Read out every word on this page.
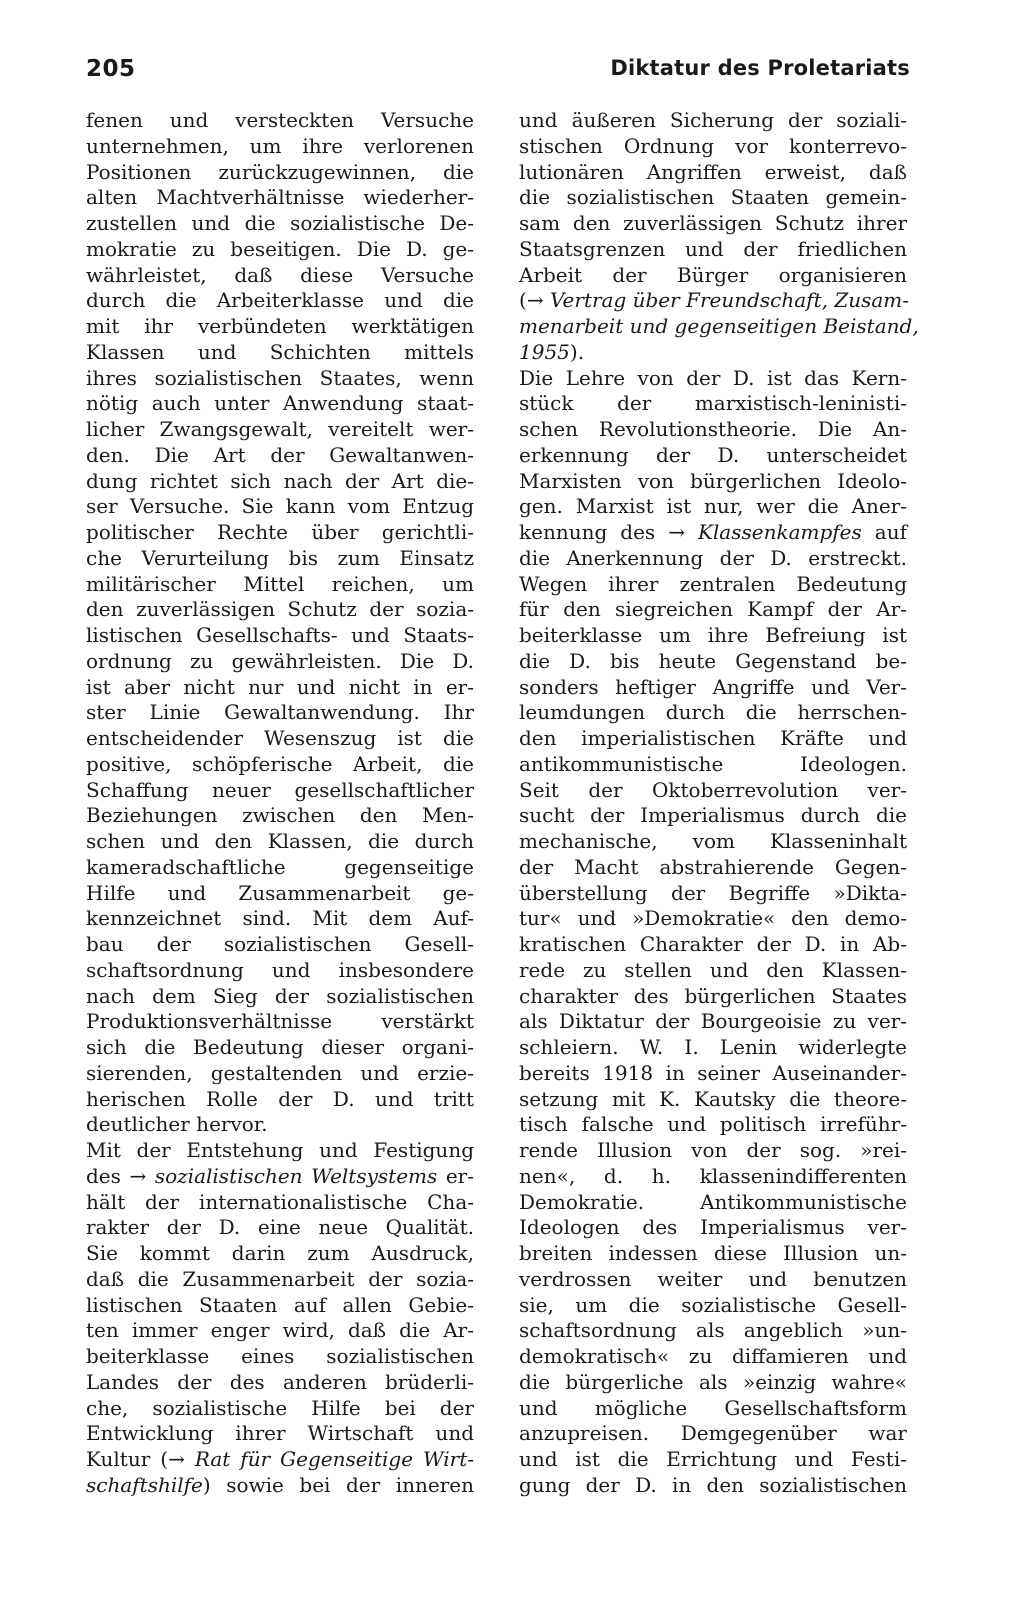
205	Diktatur des Proletariats
fenen und versteckten Versuche
unternehmen, um ihre verlorenen
Positionen zurückzugewinnen, die
alten Machtverhältnisse wiederher-
zustellen und die sozialistische De-
mokratie zu beseitigen. Die D. ge-
währleistet, daß diese Versuche
durch die Arbeiterklasse und die
mit ihr verbündeten werktätigen
Klassen und Schichten mittels
ihres sozialistischen Staates, wenn
nötig auch unter Anwendung staat-
licher Zwangsgewalt, vereitelt wer-
den. Die Art der Gewaltanwen-
dung richtet sich nach der Art die-
ser Versuche. Sie kann vom Entzug
politischer Rechte über gerichtli-
che Verurteilung bis zum Einsatz
militärischer Mittel reichen, um
den zuverlässigen Schutz der sozia-
listischen Gesellschafts- und Staats-
ordnung zu gewährleisten. Die D.
ist aber nicht nur und nicht in er-
ster Linie Gewaltanwendung. Ihr
entscheidender Wesenszug ist die
positive, schöpferische Arbeit, die
Schaffung neuer gesellschaftlicher
Beziehungen zwischen den Men-
schen und den Klassen, die durch
kameradschaftliche gegenseitige
Hilfe und Zusammenarbeit ge-
kennzeichnet sind. Mit dem Auf-
bau der sozialistischen Gesell-
schaftsordnung und insbesondere
nach dem Sieg der sozialistischen
Produktionsverhältnisse verstärkt
sich die Bedeutung dieser organi-
sierenden, gestaltenden und erzie-
herischen Rolle der D. und tritt
deutlicher hervor.
Mit der Entstehung und Festigung
des → sozialistischen Weltsystems er-
hält der internationalistische Cha-
rakter der D. eine neue Qualität.
Sie kommt darin zum Ausdruck,
daß die Zusammenarbeit der sozia-
listischen Staaten auf allen Gebie-
ten immer enger wird, daß die Ar-
beiterklasse eines sozialistischen
Landes der des anderen brüderli-
che, sozialistische Hilfe bei der
Entwicklung ihrer Wirtschaft und
Kultur (→ Rat für Gegenseitige Wirt-
schaftshilfe) sowie bei der inneren
und äußeren Sicherung der soziali-
stischen Ordnung vor konterrevo-
lutionären Angriffen erweist, daß
die sozialistischen Staaten gemein-
sam den zuverlässigen Schutz ihrer
Staatsgrenzen und der friedlichen
Arbeit der Bürger organisieren
(→ Vertrag über Freundschaft, Zusam-
menarbeit und gegenseitigen Beistand,
1955).
Die Lehre von der D. ist das Kern-
stück der marxistisch-leninisti-
schen Revolutionstheorie. Die An-
erkennung der D. unterscheidet
Marxisten von bürgerlichen Ideolo-
gen. Marxist ist nur, wer die Aner-
kennung des → Klassenkampfes auf
die Anerkennung der D. erstreckt.
Wegen ihrer zentralen Bedeutung
für den siegreichen Kampf der Ar-
beiterklasse um ihre Befreiung ist
die D. bis heute Gegenstand be-
sonders heftiger Angriffe und Ver-
leumdungen durch die herrschen-
den imperialistischen Kräfte und
antikommunistische Ideologen.
Seit der Oktoberrevolution ver-
sucht der Imperialismus durch die
mechanische, vom Klasseninhalt
der Macht abstrahierende Gegen-
überstellung der Begriffe »Dikta-
tur« und »Demokratie« den demo-
kratischen Charakter der D. in Ab-
rede zu stellen und den Klassen-
charakter des bürgerlichen Staates
als Diktatur der Bourgeoisie zu ver-
schleiern. W. I. Lenin widerlegte
bereits 1918 in seiner Auseinander-
setzung mit K. Kautsky die theore-
tisch falsche und politisch irreführ-
rende Illusion von der sog. »rei-
nen«, d. h. klassenindifferenten
Demokratie. Antikommunistische
Ideologen des Imperialismus ver-
breiten indessen diese Illusion un-
verdrossen weiter und benutzen
sie, um die sozialistische Gesell-
schaftsordnung als angeblich »un-
demokratisch« zu diffamieren und
die bürgerliche als »einzig wahre«
und mögliche Gesellschaftsform
anzupreisen. Demgegenüber war
und ist die Errichtung und Festi-
gung der D. in den sozialistischen
